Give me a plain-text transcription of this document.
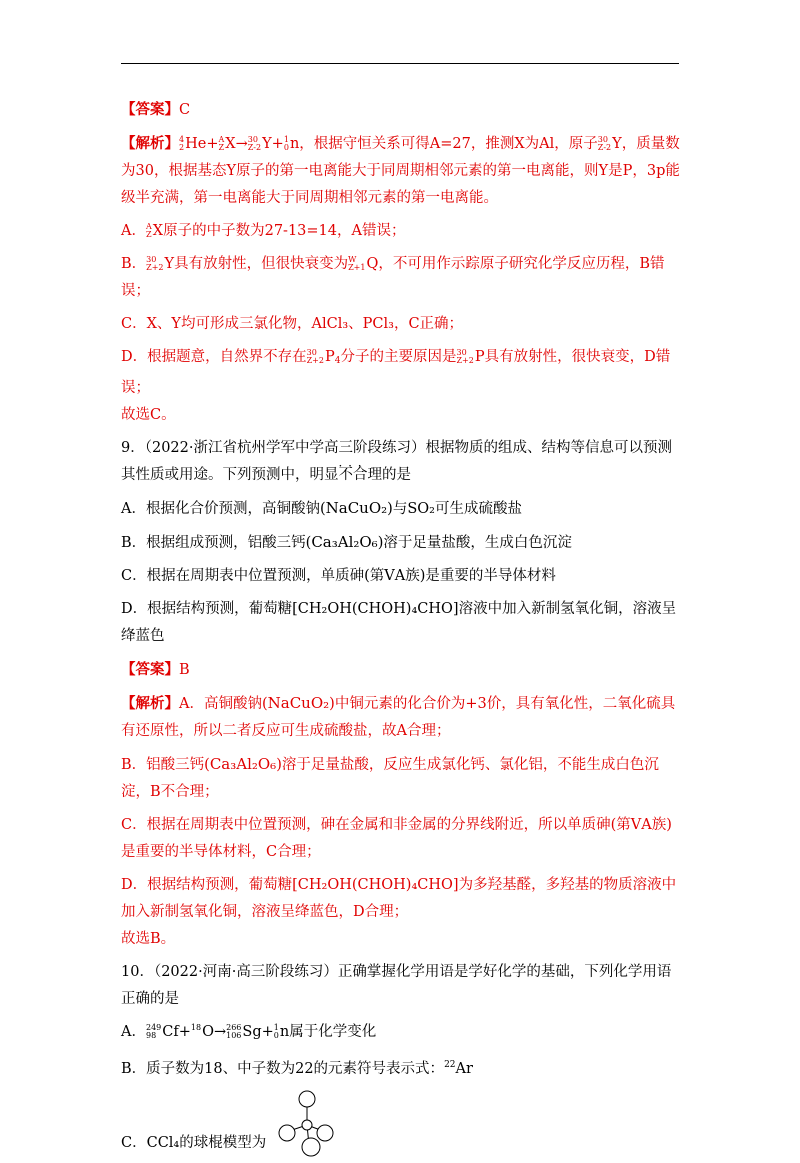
【答案】C

【解析】 4
2 He+ A
Z X→ 30
Z-2 Y+ 1
0 n，根据守恒关系可得A=27，推测X为Al，原子 30
Z-2 Y，质量数为30，根据基态Y原子的第一电离能大于同周期相邻元素的第一电离能，则Y是P，3p能级半充满，第一电离能大于同周期相邻元素的第一电离能。

A． A
Z X原子的中子数为27-13=14，A错误；

B． 30
Z+2 Y具有放射性，但很快衰变为 W
Z+1 Q，不可用作示踪原子研究化学反应历程，B错误；

C．X、Y均可形成三氯化物，AlCl₃、PCl₃，C正确；

D．根据题意，自然界不存在 30
Z+2 $P_4$分子的主要原因是 30
Z+2 P具有放射性，很快衰变，D错误；
故选C。

9．（2022·浙江省杭州学军中学高三阶段练习）根据物质的组成、结构等信息可以预测其性质或用途。下列预测中，明显· · · 不合理的是

A．根据化合价预测，高铜酸钠(NaCuO₂)与SO₂可生成硫酸盐

B．根据组成预测，铝酸三钙(Ca₃Al₂O₆)溶于足量盐酸，生成白色沉淀

C．根据在周期表中位置预测，单质砷(第ⅤA族)是重要的半导体材料

D．根据结构预测，葡萄糖[CH₂OH(CHOH)₄CHO]溶液中加入新制氢氧化铜，溶液呈绛蓝色

【答案】B

【解析】A．高铜酸钠(NaCuO₂)中铜元素的化合价为+3价，具有氧化性，二氧化硫具有还原性，所以二者反应可生成硫酸盐，故A合理；

B．铝酸三钙(Ca₃Al₂O₆)溶于足量盐酸，反应生成氯化钙、氯化铝，不能生成白色沉淀，B不合理；

C．根据在周期表中位置预测，砷在金属和非金属的分界线附近，所以单质砷(第ⅤA族)是重要的半导体材料，C合理；

D．根据结构预测，葡萄糖[CH₂OH(CHOH)₄CHO]为多羟基醛，多羟基的物质溶液中加入新制氢氧化铜，溶液呈绛蓝色，D合理；
故选B。

10．（2022·河南·高三阶段练习）正确掌握化学用语是学好化学的基础，下列化学用语正确的是

A． 249
98 Cf+ 18
O→ 266
106 Sg+ 1
0 n属于化学变化

B．质子数为18、中子数为22的元素符号表示式：$^{22}$Ar

C．CCl₄的球棍模型为
